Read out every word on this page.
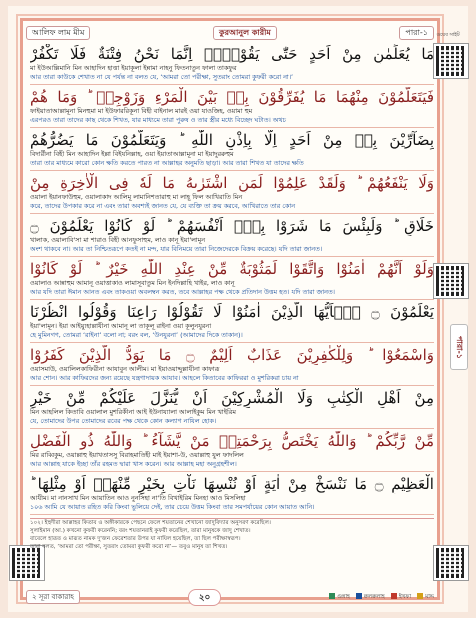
আলিফ লাম মীম	কুরআনুল কারীম	পারা-১	ওয়েব সাইট
পারা-১
مَا يُعَلِّمٰنِ مِنْ اَحَدٍ حَتّٰى يَقُوْلَاۤ اِنَّمَا نَحْنُ فِتْنَةٌ فَلَا تَكْفُرْ
মা ইউআল্লিমানি মিন আহাদিন হাত্তা ইয়াকূলা ইন্নামা নাহনু ফিতনাতুন ফালা তাকফুর
আর তারা কাউকে শেখাত না যে পর্যন্ত না বলত যে, ‘আমরা তো পরীক্ষা, সুতরাং তোমরা কুফরী করো না।’
فَيَتَعَلَّمُوْنَ مِنْهُمَا مَا يُفَرِّقُوْنَ بِهٖ بَيْنَ الْمَرْءِ وَزَوْجِهٖ ؕ وَمَا هُمْ
ফাইয়াতাআল্লামূনা মিনহুমা মা ইউফাররিকূনা বিহী বাইনাল মারই ওয়া যাওজিহ, ওয়ামা হুম
এরপরও তারা তাদের কাছ থেকে শিখত, যার মাধ্যমে তারা পুরুষ ও তার স্ত্রীর মধ্যে বিচ্ছেদ ঘটাত। অথচ
بِضَآرِّيْنَ بِهٖ مِنْ اَحَدٍ اِلَّا بِاِذْنِ اللّٰهِ ؕ وَيَتَعَلَّمُوْنَ مَا يَضُرُّهُمْ
বিদার্রীনা বিহী মিন আহাদিন ইল্লা বিইযনিল্লাহ, ওয়া ইয়াতাআল্লামূনা মা ইয়াদুররুহুম
তারা তার মাধ্যমে কারো কোন ক্ষতি করতে পারত না আল্লাহর অনুমতি ছাড়া। আর তারা শিখত যা তাদের ক্ষতি
وَلَا يَنْفَعُهُمْ ؕ وَلَقَدْ عَلِمُوْا لَمَنِ اشْتَرٰىهُ مَا لَهٗ فِى الْاٰخِرَةِ مِنْ
ওয়ালা ইয়ানফাউহুম, ওয়ালাকাদ আলিমূ লামানিশতারাহু মা লাহূ ফিল আখিরাতি মিন
করে, তাদের উপকার করে না এবং তারা অবশ্যই জানত যে, যে ব্যক্তি তা ক্রয় করবে, আখিরাতে তার কোন
خَلَاقٍ ؕ وَلَبِئْسَ مَا شَرَوْا بِهٖۤ اَنْفُسَهُمْ ؕ لَوْ كَانُوْا يَعْلَمُوْنَ ۝
খালাক, ওয়ালাবি'সা মা শারাও বিহী আনফুসাহুম, লাও কানূ ইয়া'লামূন
অংশ থাকবে না। আর তা নিশ্চিতরূপে কতই না মন্দ, যার বিনিময়ে তারা নিজেদেরকে বিক্রয় করেছে। যদি তারা জানত।
وَلَوْ اَنَّهُمْ اٰمَنُوْا وَاتَّقَوْا لَمَثُوْبَةٌ مِّنْ عِنْدِ اللّٰهِ خَيْرٌ ؕ لَوْ كَانُوْا
ওয়ালাও আন্নাহুম আমানূ ওয়াত্তাকাও লামাসূবাতুম মিন ইনদিল্লাহি খাইর, লাও কানূ
আর যদি তারা ঈমান আনত এবং তাকওয়া অবলম্বন করত, তবে আল্লাহর পক্ষ থেকে প্রতিদান উত্তম হত। যদি তারা জানত।
يَعْلَمُوْنَ ۝ يٰۤاَيُّهَا الَّذِيْنَ اٰمَنُوْا لَا تَقُوْلُوْا رَاعِنَا وَقُوْلُوا انْظُرْنَا
ইয়া'লামূন। ইয়া আইয়্যুহাল্লাযীনা আমানূ লা তাকূলূ রাইনা ওয়া কূলুনযুরনা
হে মুমিনগণ, তোমরা ‘রাইনা’ বলো না; বরং বল, ‘উনযুরনা’ (আমাদের দিকে তাকান)।
وَاسْمَعُوْا ؕ وَلِلْكٰفِرِيْنَ عَذَابٌ اَلِيْمٌ ۝ مَا يَوَدُّ الَّذِيْنَ كَفَرُوْا
ওয়াসমাউ, ওয়ালিলকাফিরীনা আযাবুন আলীম। মা ইয়াওয়াদ্দুল্লাযীনা কাফারূ
আর শোন। আর কাফিরদের জন্য রয়েছে যন্ত্রণাদায়ক আযাব। আহলে কিতাবের কাফিররা ও মুশরিকরা চায় না
مِنْ اَهْلِ الْكِتٰبِ وَلَا الْمُشْرِكِيْنَ اَنْ يُّنَزَّلَ عَلَيْكُمْ مِّنْ خَيْرٍ
মিন আহলিল কিতাবি ওয়ালাল মুশরিকীনা আই ইউনায্যালা আলাইকুম মিন খাইরিম
যে, তোমাদের উপর তোমাদের রবের পক্ষ থেকে কোন কল্যাণ নাযিল হোক।
مِّنْ رَّبِّكُمْ ؕ وَاللّٰهُ يَخْتَصُّ بِرَحْمَتِهٖ مَنْ يَّشَآءُ ؕ وَاللّٰهُ ذُو الْفَضْلِ
মির রাব্বিকুম, ওয়াল্লাহু ইয়াখতাসসু বিরাহমাতিহী মাই ইয়াশা-উ, ওয়াল্লাহু যুল ফাদলিল
আর আল্লাহ যাকে ইচ্ছা তাঁর রহমত দ্বারা খাস করেন। আর আল্লাহ মহা অনুগ্রহশীল।
الْعَظِيْمِ ۝ مَا نَنْسَخْ مِنْ اٰيَةٍ اَوْ نُنْسِهَا نَاْتِ بِخَيْرٍ مِّنْهَاۤ اَوْ مِثْلِهَا ؕ
আযীম। মা নানসাখ মিন আয়াতিন আও নুনসিহা না'তি বিখাইরিম মিনহা আও মিসলিহা
১০৬ আমি যে আয়াত রহিত করি কিংবা ভুলিয়ে দেই, তার চেয়ে উত্তম কিংবা তার সমপর্যায়ের কোন আয়াত আনি।
১০২। ইহুদীরা আল্লাহর কিতাব ও অঙ্গীকারকে পেছনে ফেলে শয়তানের শেখানো জাদুবিদ্যার অনুসরণ করেছিল।
সুলাইমান (আ.) কখনো কুফরী করেননি; বরং শয়তানরাই কুফরী করেছিল, তারা মানুষকে জাদু শেখাত।
বাবেলে হারূত ও মারূত নামক দু'জন ফেরেশতার উপর যা নাযিল হয়েছিল, তা ছিল পরীক্ষাস্বরূপ।
তারা বলত, ‘আমরা তো পরীক্ষা, সুতরাং তোমরা কুফরী করো না’— তবুও মানুষ তা শিখত।
২ সূরা বাকারাহ	২০	গুন্নাহ	ক্বলক্বলাহ	ইখফা	মাদ্দ
